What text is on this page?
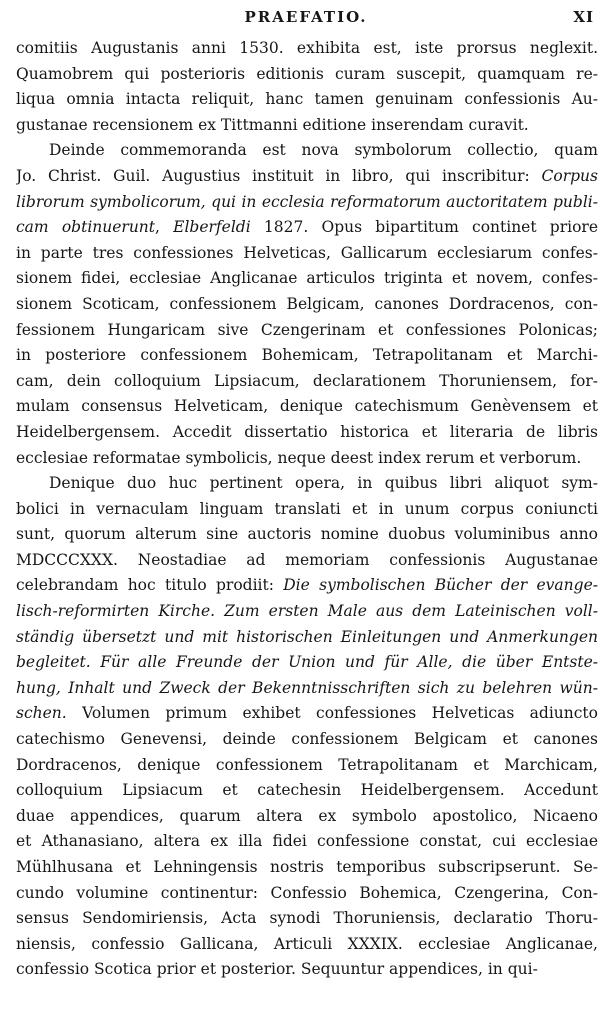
PRAEFATIO.	XI
comitiis Augustanis anni 1530. exhibita est, iste prorsus neglexit.
Quamobrem qui posterioris editionis curam suscepit, quamquam re-
liqua omnia intacta reliquit, hanc tamen genuinam confessionis Au-
gustanae recensionem ex Tittmanni editione inserendam curavit.
Deinde commemoranda est nova symbolorum collectio, quam
Jo. Christ. Guil. Augustius instituit in libro, qui inscribitur: Corpus
librorum symbolicorum, qui in ecclesia reformatorum auctoritatem publi-
cam obtinuerunt, Elberfeldi 1827. Opus bipartitum continet priore
in parte tres confessiones Helveticas, Gallicarum ecclesiarum confes-
sionem fidei, ecclesiae Anglicanae articulos triginta et novem, confes-
sionem Scoticam, confessionem Belgicam, canones Dordracenos, con-
fessionem Hungaricam sive Czengerinam et confessiones Polonicas;
in posteriore confessionem Bohemicam, Tetrapolitanam et Marchi-
cam, dein colloquium Lipsiacum, declarationem Thoruniensem, for-
mulam consensus Helveticam, denique catechismum Genèvensem et
Heidelbergensem. Accedit dissertatio historica et literaria de libris
ecclesiae reformatae symbolicis, neque deest index rerum et verborum.
Denique duo huc pertinent opera, in quibus libri aliquot sym-
bolici in vernaculam linguam translati et in unum corpus coniuncti
sunt, quorum alterum sine auctoris nomine duobus voluminibus anno
MDCCCXXX. Neostadiae ad memoriam confessionis Augustanae
celebrandam hoc titulo prodiit: Die symbolischen Bücher der evange-
lisch-reformirten Kirche. Zum ersten Male aus dem Lateinischen voll-
ständig übersetzt und mit historischen Einleitungen und Anmerkungen
begleitet. Für alle Freunde der Union und für Alle, die über Entste-
hung, Inhalt und Zweck der Bekenntnisschriften sich zu belehren wün-
schen. Volumen primum exhibet confessiones Helveticas adiuncto
catechismo Genevensi, deinde confessionem Belgicam et canones
Dordracenos, denique confessionem Tetrapolitanam et Marchicam,
colloquium Lipsiacum et catechesin Heidelbergensem. Accedunt
duae appendices, quarum altera ex symbolo apostolico, Nicaeno
et Athanasiano, altera ex illa fidei confessione constat, cui ecclesiae
Mühlhusana et Lehningensis nostris temporibus subscripserunt. Se-
cundo volumine continentur: Confessio Bohemica, Czengerina, Con-
sensus Sendomiriensis, Acta synodi Thoruniensis, declaratio Thoru-
niensis, confessio Gallicana, Articuli XXXIX. ecclesiae Anglicanae,
confessio Scotica prior et posterior. Sequuntur appendices, in qui-
